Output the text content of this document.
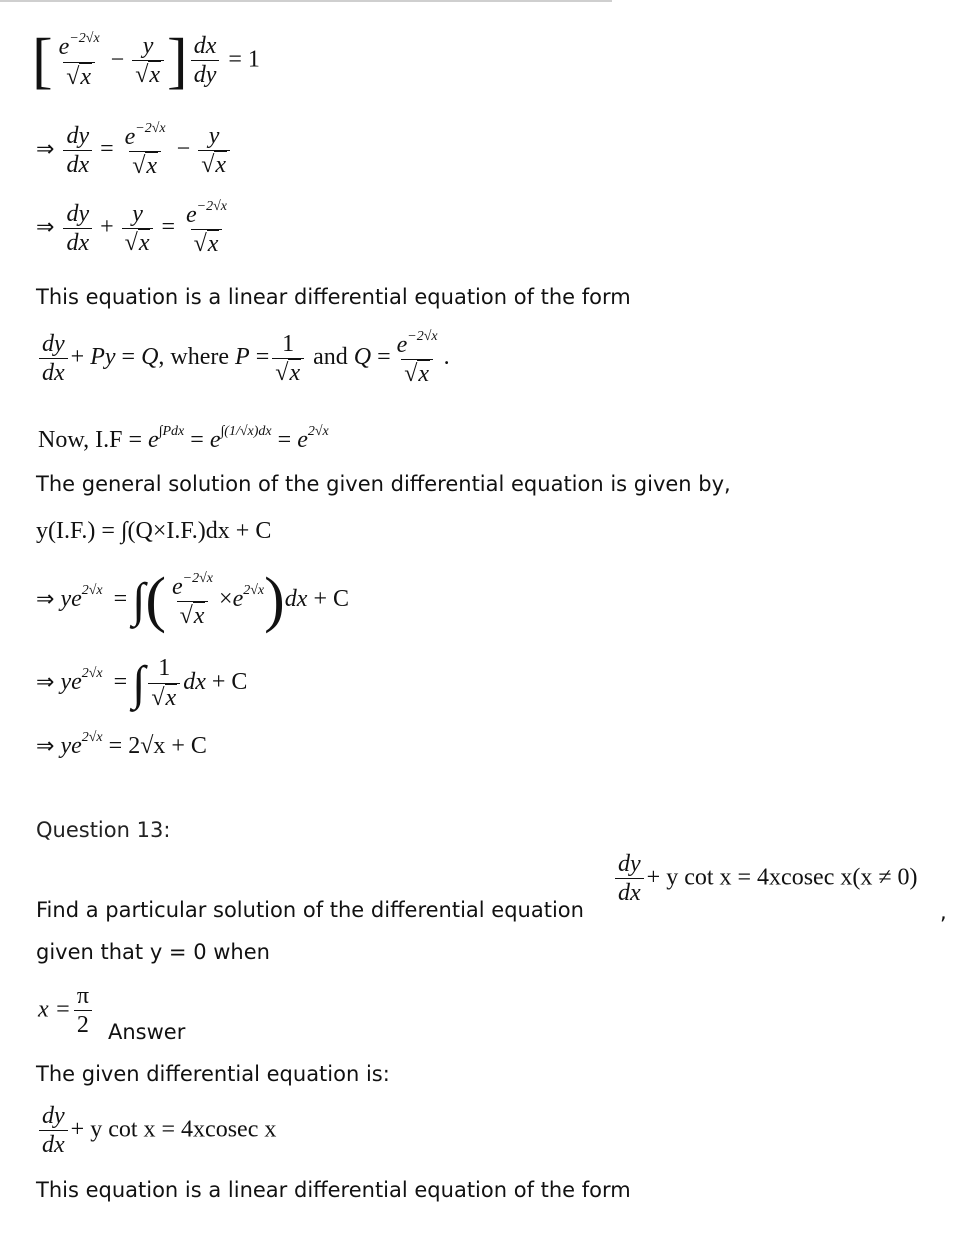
[ $\frac{e^{-2√x}}{√x} - \frac{y}{√x}$ ] $\frac{dx}{dy} = 1$
⇒ $\frac{dy}{dx} = \frac{e^{-2√x}}{√x} - \frac{y}{√x}$
⇒ $\frac{dy}{dx} + \frac{y}{√x} = \frac{e^{-2√x}}{√x}$
This equation is a linear differential equation of the form
$\frac{dy}{dx} + Py = Q$, where $P = \frac{1}{√x}$ and $Q = \frac{e^{-2√x}}{√x}$ .
Now, $I.F = e^{\int Pdx} = e^{\int(1/√x)dx} = e^{2√x}$
The general solution of the given differential equation is given by,
y(I.F.) = ∫(Q×I.F.)dx + C
⇒ $ye^{2√x}$ = ∫( $\frac{e^{-2√x}}{√x} \times e^{2√x})dx + C$
⇒ $ye^{2√x}$ = ∫ $\frac{1}{√x}$ dx + C
⇒ $ye^{2√x} = 2√x + C$
Question 13:
$\frac{dy}{dx} + y$ cot x = 4xcosec x(x ≠ 0)
Find a particular solution of the differential equation	,
given that y = 0 when
$x = \frac{\pi}{2}$ Answer
The given differential equation is:
$\frac{dy}{dx} + y$ cot x = 4xcosec x
This equation is a linear differential equation of the form
